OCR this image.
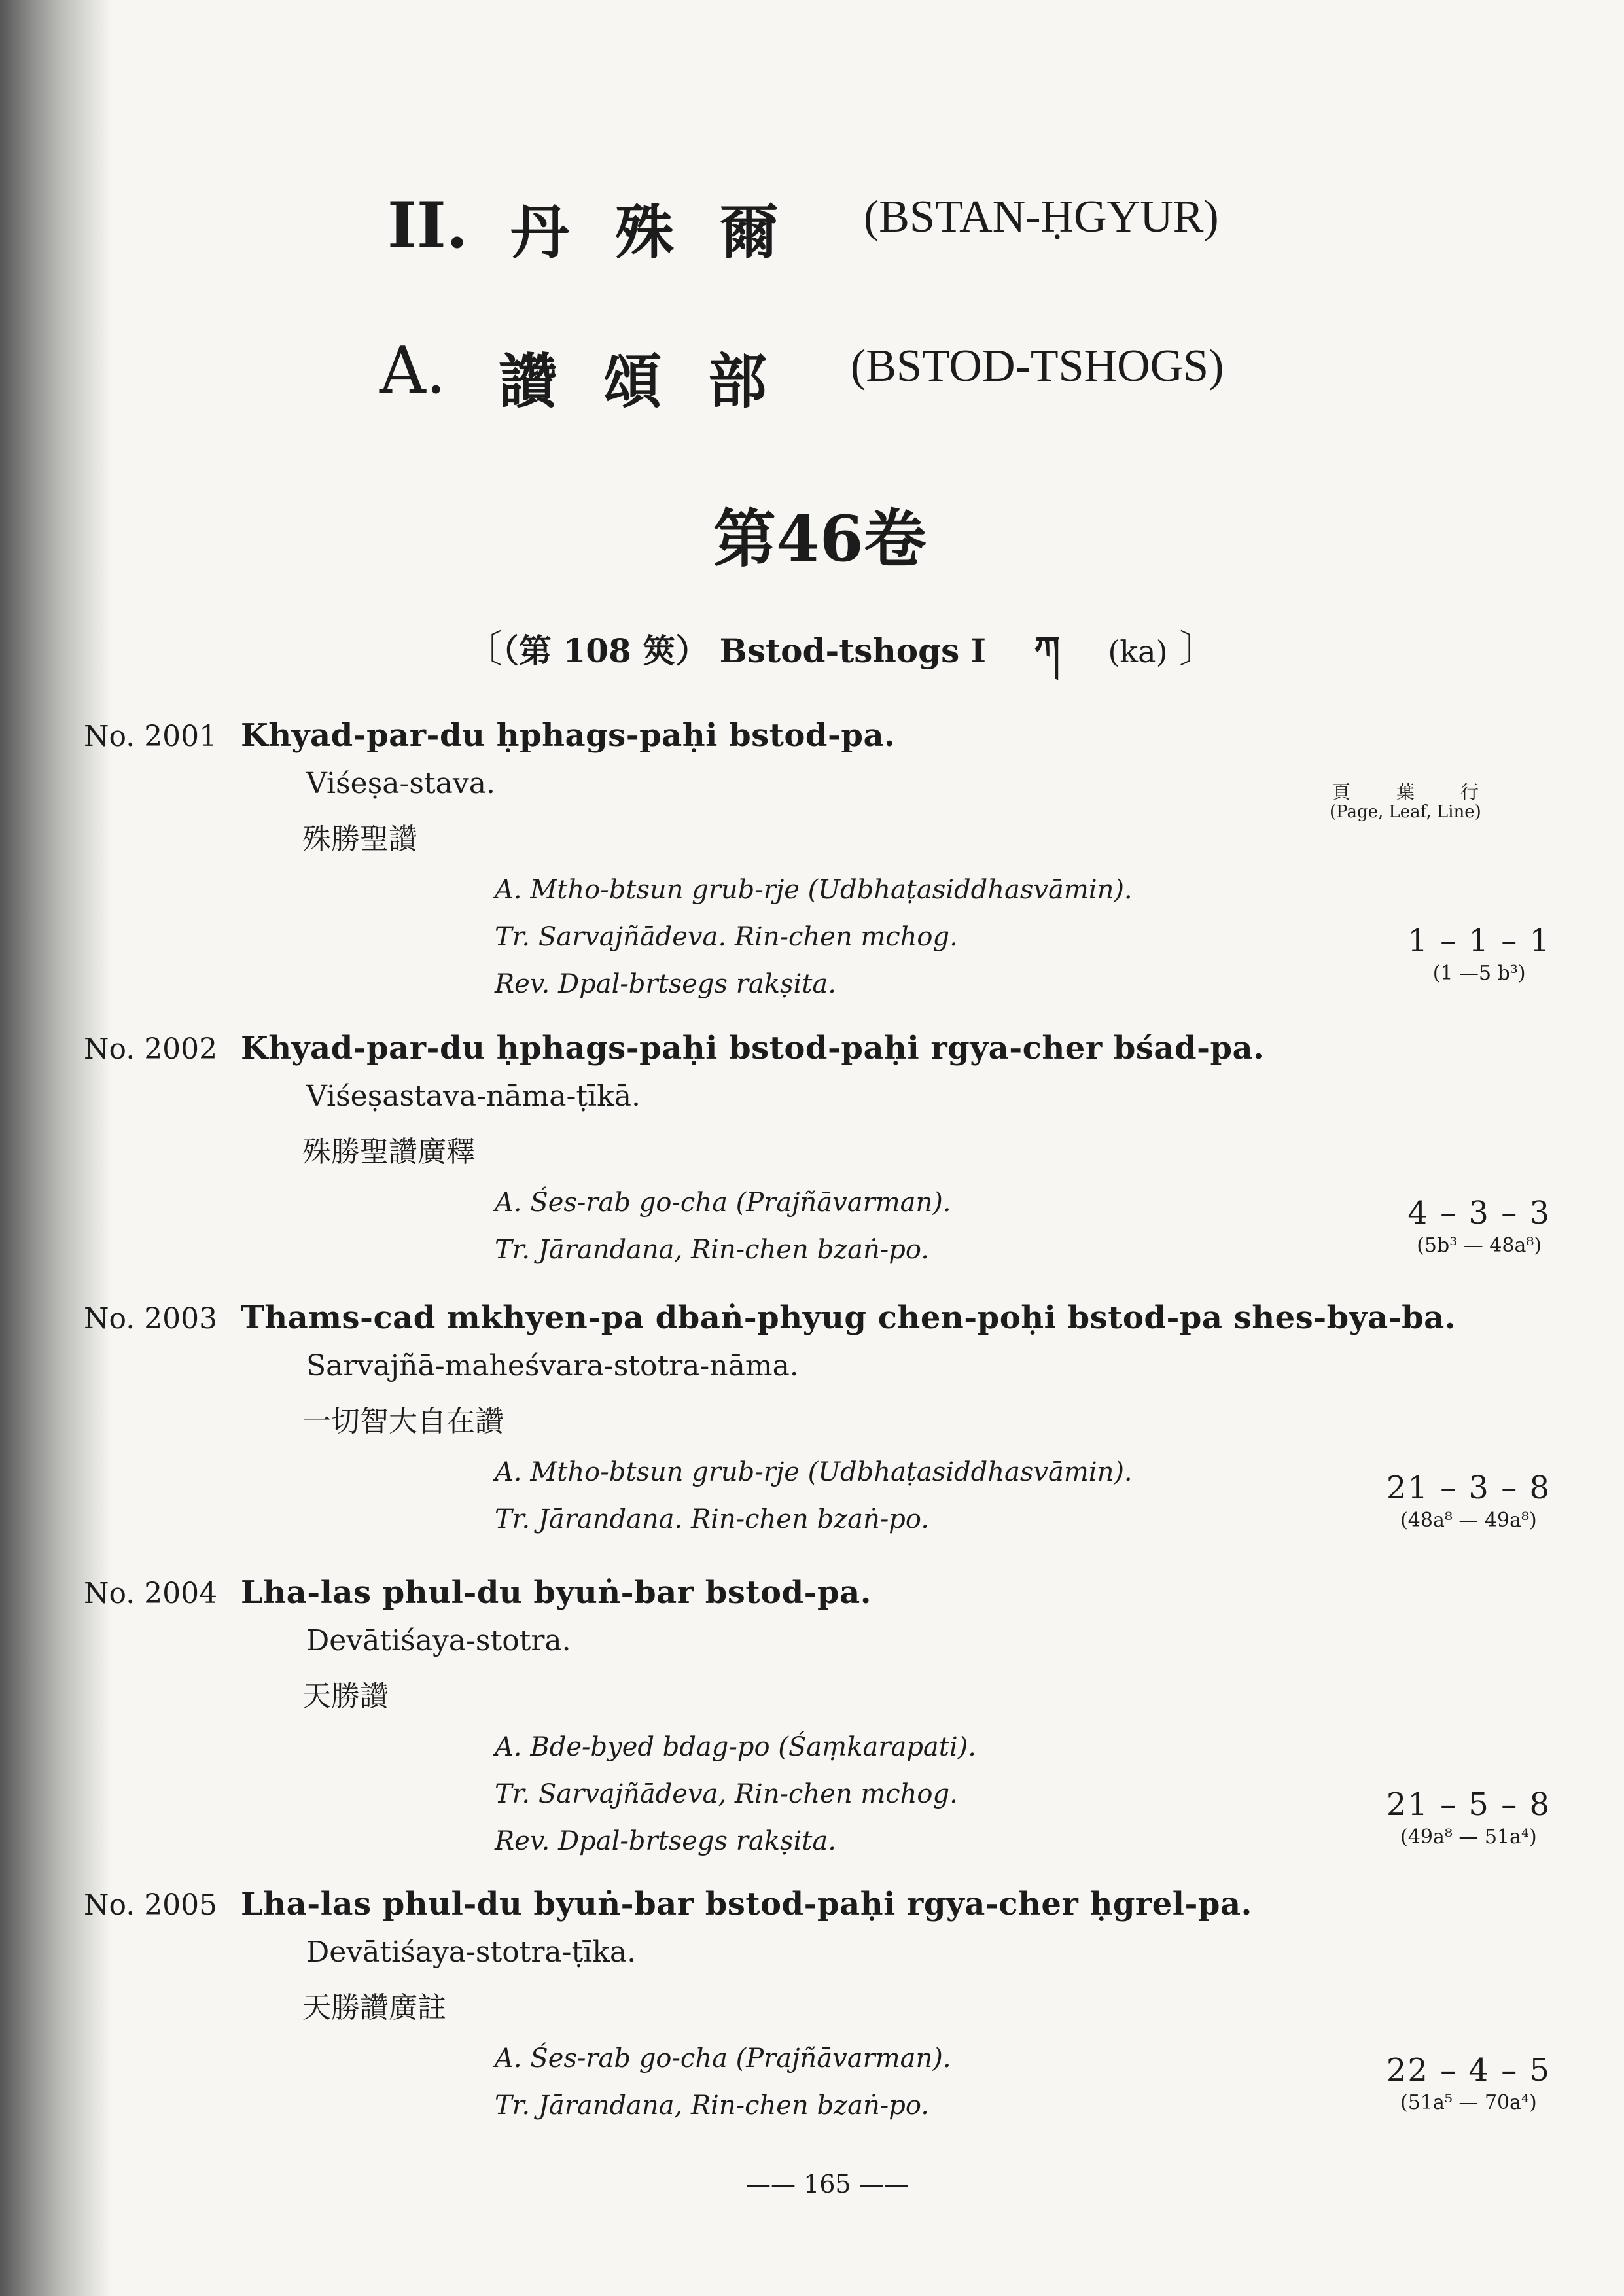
II. 丹殊爾 (BSTAN-ḤGYUR)
A. 讚頌部 (BSTOD-TSHOGS)
第46卷
〔（第 108 筴） Bstod-tshogs I ཀ (ka) 〕
頁葉行
(Page, Leaf, Line)
No. 2001 Khyad-par-du ḥphags-paḥi bstod-pa.
Viśeṣa-stava.
殊勝聖讚
A. Mtho-btsun grub-rje (Udbhaṭasiddhasvāmin).
Tr. Sarvajñādeva. Rin-chen mchog.
Rev. Dpal-brtsegs rakṣita.
1 – 1 – 1
(1 —5 b³)
No. 2002 Khyad-par-du ḥphags-paḥi bstod-paḥi rgya-cher bśad-pa.
Viśeṣastava-nāma-ṭīkā.
殊勝聖讚廣釋
A. Śes-rab go-cha (Prajñāvarman).
Tr. Jārandana, Rin-chen bzaṅ-po.
4 – 3 – 3
(5b³ — 48a⁸)
No. 2003 Thams-cad mkhyen-pa dbaṅ-phyug chen-poḥi bstod-pa shes-bya-ba.
Sarvajñā-maheśvara-stotra-nāma.
一切智大自在讚
A. Mtho-btsun grub-rje (Udbhaṭasiddhasvāmin).
Tr. Jārandana. Rin-chen bzaṅ-po.
21 – 3 – 8
(48a⁸ — 49a⁸)
No. 2004 Lha-las phul-du byuṅ-bar bstod-pa.
Devātiśaya-stotra.
天勝讚
A. Bde-byed bdag-po (Śaṃkarapati).
Tr. Sarvajñādeva, Rin-chen mchog.
Rev. Dpal-brtsegs rakṣita.
21 – 5 – 8
(49a⁸ — 51a⁴)
No. 2005 Lha-las phul-du byuṅ-bar bstod-paḥi rgya-cher ḥgrel-pa.
Devātiśaya-stotra-ṭīka.
天勝讚廣註
A. Śes-rab go-cha (Prajñāvarman).
Tr. Jārandana, Rin-chen bzaṅ-po.
22 – 4 – 5
(51a⁵ — 70a⁴)
—— 165 ——
